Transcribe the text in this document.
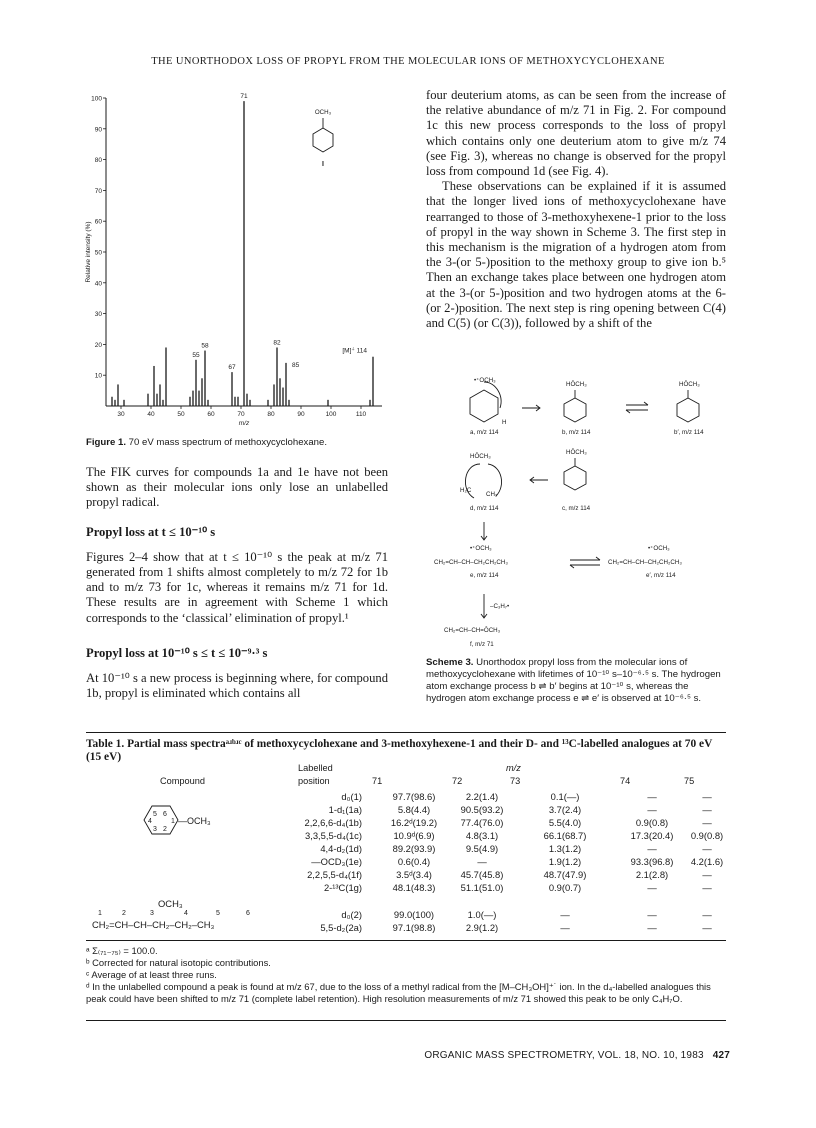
THE UNORTHODOX LOSS OF PROPYL FROM THE MOLECULAR IONS OF METHOXYCYCLOHEXANE
100
90
80
70
60
50
40
30
20
10
30	40	50	60	70	80	90	100	110
Relative intensity (%)
m/z
71
58
55
67
82
85
[M]⁺̇ 114
OCH₃
I
Figure 1. 70 eV mass spectrum of methoxycyclohexane.

The FIK curves for compounds 1a and 1e have not been shown as their molecular ions only lose an unlabelled propyl radical.

Propyl loss at t ≤ 10⁻¹⁰ s

Figures 2–4 show that at t ≤ 10⁻¹⁰ s the peak at m/z 71 generated from 1 shifts almost completely to m/z 72 for 1b and to m/z 73 for 1c, whereas it remains m/z 71 for 1d. These results are in agreement with Scheme 1 which corresponds to the ‘classical’ elimination of propyl.¹

Propyl loss at 10⁻¹⁰ s ≤ t ≤ 10⁻⁹·³ s

At 10⁻¹⁰ s a new process is beginning where, for compound 1b, propyl is eliminated which contains all

four deuterium atoms, as can be seen from the increase of the relative abundance of m/z 71 in Fig. 2. For compound 1c this new process corresponds to the loss of propyl which contains only one deuterium atom to give m/z 74 (see Fig. 3), whereas no change is observed for the propyl loss from compound 1d (see Fig. 4).

These observations can be explained if it is assumed that the longer lived ions of methoxycyclohexane have rearranged to those of 3-methoxyhexene-1 prior to the loss of propyl in the way shown in Scheme 3. The first step in this mechanism is the migration of a hydrogen atom from the 3-(or 5-)position to the methoxy group to give ion b.⁵ Then an exchange takes place between one hydrogen atom at the 3-(or 5-)position and two hydrogen atoms at the 6-(or 2-)position. The next step is ring opening between C(4) and C(5) (or C(3)), followed by a shift of the

•⁺OCH₃
H
HÔCH₃	HÔCH₃
a, m/z 114	b, m/z 114	b′, m/z 114
HÔCH₃
HÔCH₃
H₂C
CH₂
d, m/z 114	c, m/z 114
•⁺OCH₃
CH₂=CH–CH–CH₂CH₂CH₃
e, m/z 114
•⁺OCH₃
CH₂=CH–CH–CH₂CH₂CH₃
e′, m/z 114
–C₃H₇•
CH₂=CH–CH=ÔCH₃
f, m/z 71
Scheme 3. Unorthodox propyl loss from the molecular ions of methoxycyclohexane with lifetimes of 10⁻¹⁰ s–10⁻⁶·⁵ s. The hydrogen atom exchange process b ⇌ b′ begins at 10⁻¹⁰ s, whereas the hydrogen atom exchange process e ⇌ e′ is observed at 10⁻⁶·⁵ s.
Table 1. Partial mass spectraᵃʴᵇʴᶜ of methoxycyclohexane and 3-methoxyhexene-1 and their D- and ¹³C-labelled analogues at 70 eV (15 eV)
Labelled	m/z
Compound	position	71	72	73	74	75
5 6
4	1
3 2
—OCH₃
	d₀(1)	97.7(98.6)	2.2(1.4)	0.1(—)	—	—
	1-d₁(1a)	5.8(4.4)	90.5(93.2)	3.7(2.4)	—	—
	2,2,6,6-d₄(1b)	16.2ᵈ(19.2)	77.4(76.0)	5.5(4.0)	0.9(0.8)	—
	3,3,5,5-d₄(1c)	10.9ᵈ(6.9)	4.8(3.1)	66.1(68.7)	17.3(20.4)	0.9(0.8)
	4,4-d₂(1d)	89.2(93.9)	9.5(4.9)	1.3(1.2)	—	—
	—OCD₃(1e)	0.6(0.4)	—	1.9(1.2)	93.3(96.8)	4.2(1.6)
	2,2,5,5-d₄(1f)	3.5ᵈ(3.4)	45.7(45.8)	48.7(47.9)	2.1(2.8)	—
	2-¹³C(1g)	48.1(48.3)	51.1(51.0)	0.9(0.7)	—	—
OCH₃
1	2	3	4	5	6
CH₂=CH–CH–CH₂–CH₂–CH₃
	d₀(2)	99.0(100)	1.0(—)	—	—	—
	5,5-d₂(2a)	97.1(98.8)	2.9(1.2)	—	—	—
ᵃ Σ₍₇₁₋₇₅₎ = 100.0.
ᵇ Corrected for natural isotopic contributions.
ᶜ Average of at least three runs.
ᵈ In the unlabelled compound a peak is found at m/z 67, due to the loss of a methyl radical from the [M–CH₃OH]⁺˙ ion. In the d₄-labelled analogues this peak could have been shifted to m/z 71 (complete label retention). High resolution measurements of m/z 71 showed this peak to be only C₄H₇O.
ORGANIC MASS SPECTROMETRY, VOL. 18, NO. 10, 1983 427
